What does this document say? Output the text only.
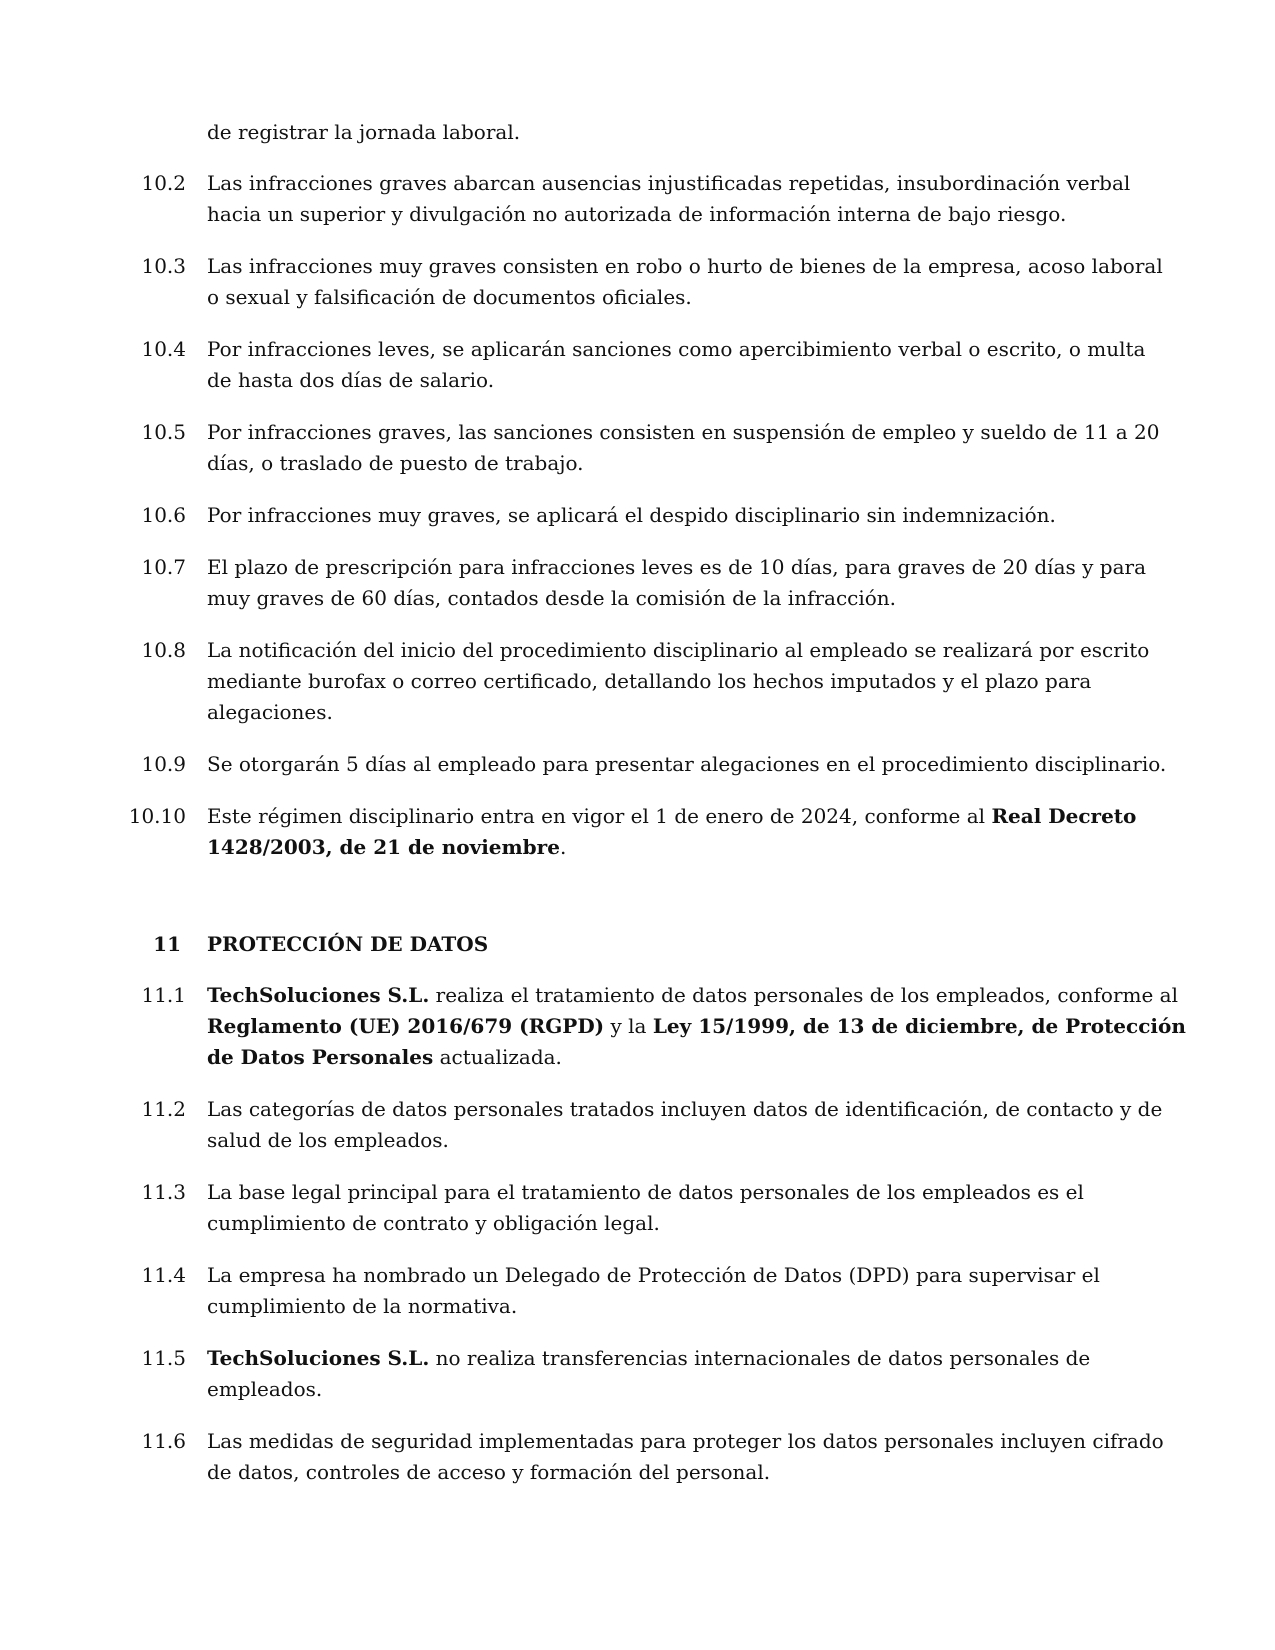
de registrar la jornada laboral.
10.2 Las infracciones graves abarcan ausencias injustificadas repetidas, insubordinación verbal
hacia un superior y divulgación no autorizada de información interna de bajo riesgo.
10.3 Las infracciones muy graves consisten en robo o hurto de bienes de la empresa, acoso laboral
o sexual y falsificación de documentos oficiales.
10.4 Por infracciones leves, se aplicarán sanciones como apercibimiento verbal o escrito, o multa
de hasta dos días de salario.
10.5 Por infracciones graves, las sanciones consisten en suspensión de empleo y sueldo de 11 a 20
días, o traslado de puesto de trabajo.
10.6 Por infracciones muy graves, se aplicará el despido disciplinario sin indemnización.
10.7 El plazo de prescripción para infracciones leves es de 10 días, para graves de 20 días y para
muy graves de 60 días, contados desde la comisión de la infracción.
10.8 La notificación del inicio del procedimiento disciplinario al empleado se realizará por escrito
mediante burofax o correo certificado, detallando los hechos imputados y el plazo para
alegaciones.
10.9 Se otorgarán 5 días al empleado para presentar alegaciones en el procedimiento disciplinario.
10.10 Este régimen disciplinario entra en vigor el 1 de enero de 2024, conforme al Real Decreto
1428/2003, de 21 de noviembre.
11 PROTECCIÓN DE DATOS
11.1 TechSoluciones S.L. realiza el tratamiento de datos personales de los empleados, conforme al
Reglamento (UE) 2016/679 (RGPD) y la Ley 15/1999, de 13 de diciembre, de Protección
de Datos Personales actualizada.
11.2 Las categorías de datos personales tratados incluyen datos de identificación, de contacto y de
salud de los empleados.
11.3 La base legal principal para el tratamiento de datos personales de los empleados es el
cumplimiento de contrato y obligación legal.
11.4 La empresa ha nombrado un Delegado de Protección de Datos (DPD) para supervisar el
cumplimiento de la normativa.
11.5 TechSoluciones S.L. no realiza transferencias internacionales de datos personales de
empleados.
11.6 Las medidas de seguridad implementadas para proteger los datos personales incluyen cifrado
de datos, controles de acceso y formación del personal.
